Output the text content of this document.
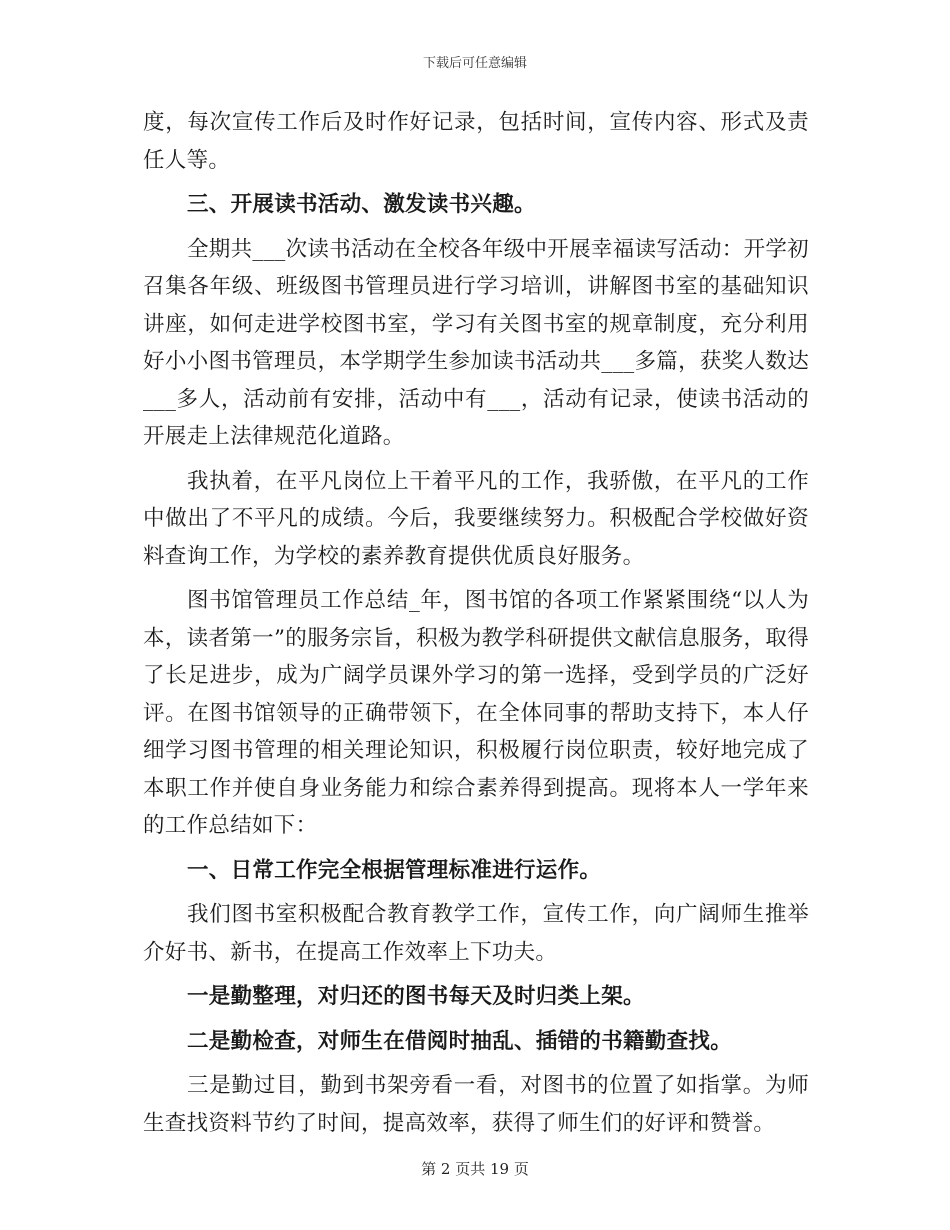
下载后可任意编辑

度，每次宣传工作后及时作好记录，包括时间，宣传内容、形式及责任人等。

三、开展读书活动、激发读书兴趣。

全期共___次读书活动在全校各年级中开展幸福读写活动：开学初召集各年级、班级图书管理员进行学习培训，讲解图书室的基础知识讲座，如何走进学校图书室，学习有关图书室的规章制度，充分利用好小小图书管理员，本学期学生参加读书活动共___多篇，获奖人数达___多人，活动前有安排，活动中有___，活动有记录，使读书活动的开展走上法律规范化道路。

我执着，在平凡岗位上干着平凡的工作，我骄傲，在平凡的工作中做出了不平凡的成绩。今后，我要继续努力。积极配合学校做好资料查询工作，为学校的素养教育提供优质良好服务。

图书馆管理员工作总结_年，图书馆的各项工作紧紧围绕“以人为本，读者第一”的服务宗旨，积极为教学科研提供文献信息服务，取得了长足进步，成为广阔学员课外学习的第一选择，受到学员的广泛好评。在图书馆领导的正确带领下，在全体同事的帮助支持下，本人仔细学习图书管理的相关理论知识，积极履行岗位职责，较好地完成了本职工作并使自身业务能力和综合素养得到提高。现将本人一学年来的工作总结如下：

一、日常工作完全根据管理标准进行运作。

我们图书室积极配合教育教学工作，宣传工作，向广阔师生推举介好书、新书，在提高工作效率上下功夫。

一是勤整理，对归还的图书每天及时归类上架。

二是勤检查，对师生在借阅时抽乱、插错的书籍勤查找。

三是勤过目，勤到书架旁看一看，对图书的位置了如指掌。为师生查找资料节约了时间，提高效率，获得了师生们的好评和赞誉。

第 2 页共 19 页
